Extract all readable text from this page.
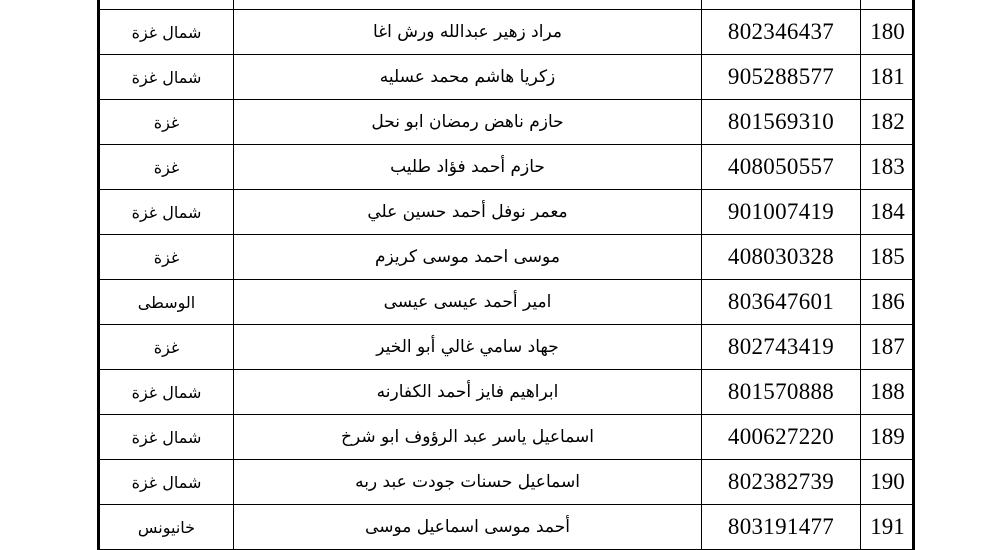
شمال غزة	مراد زهير عبدالله ورش اغا	802346437	180
شمال غزة	زكريا هاشم محمد عسليه	905288577	181
غزة	حازم ناهض رمضان ابو نحل	801569310	182
غزة	حازم أحمد فؤاد طليب	408050557	183
شمال غزة	معمر نوفل أحمد حسين علي	901007419	184
غزة	موسى احمد موسى كريزم	408030328	185
الوسطى	امير أحمد عيسى عيسى	803647601	186
غزة	جهاد سامي غالي أبو الخير	802743419	187
شمال غزة	ابراهيم فايز أحمد الكفارنه	801570888	188
شمال غزة	اسماعيل ياسر عبد الرؤوف ابو شرخ	400627220	189
شمال غزة	اسماعيل حسنات جودت عبد ربه	802382739	190
خانيونس	أحمد موسى اسماعيل موسى	803191477	191
